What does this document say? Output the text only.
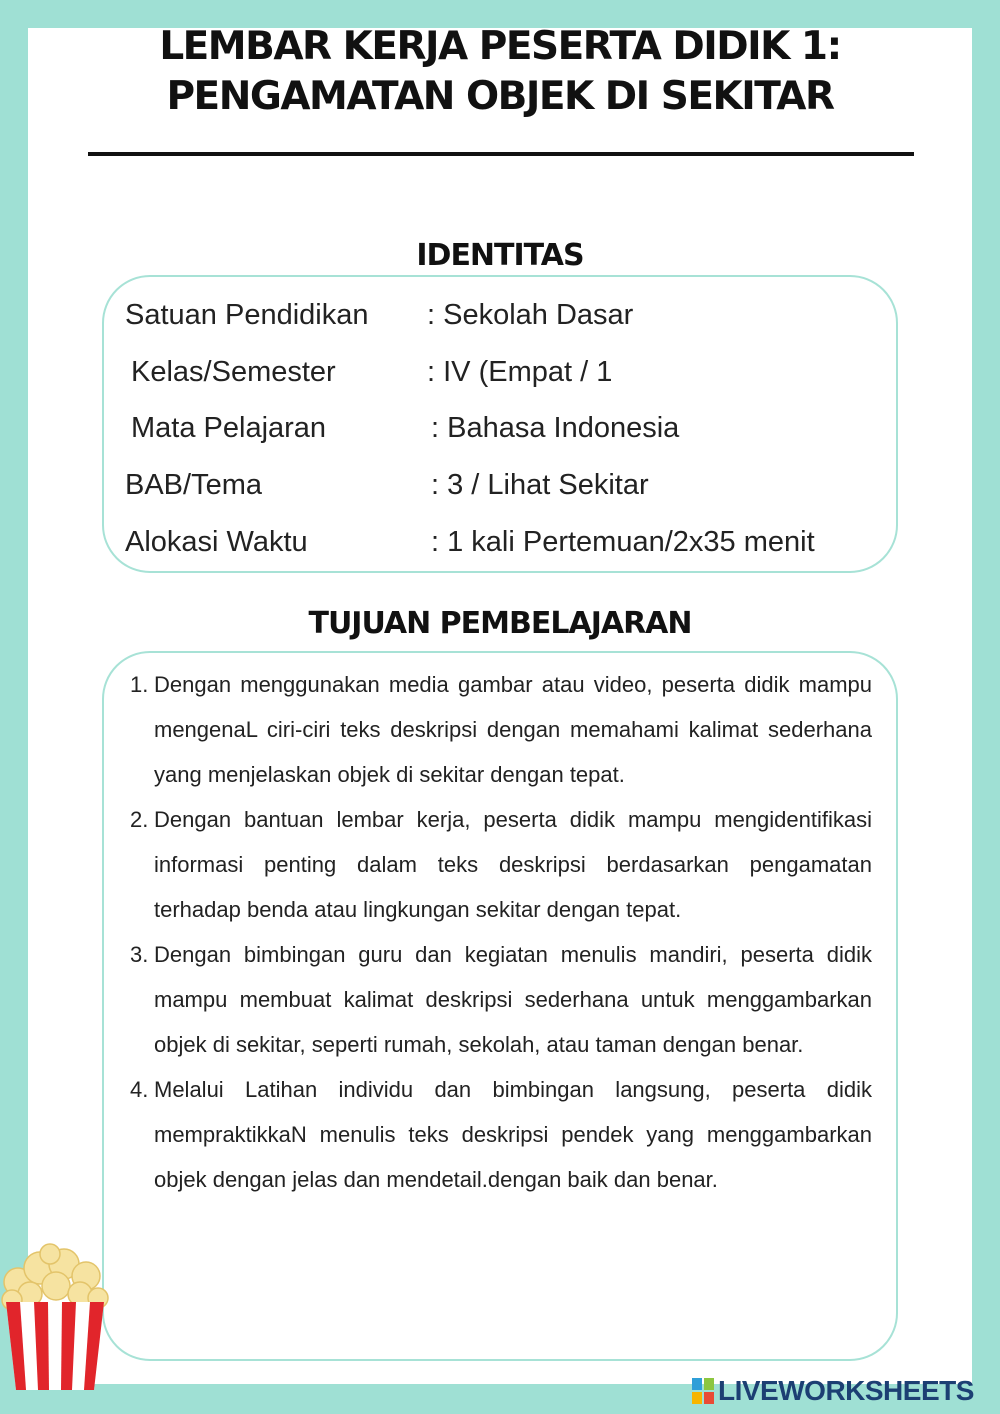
LEMBAR KERJA PESERTA DIDIK 1:
PENGAMATAN OBJEK DI SEKITAR
IDENTITAS
Satuan Pendidikan : Sekolah Dasar
Kelas/Semester	: IV (Empat / 1
Mata Pelajaran	: Bahasa Indonesia
BAB/Tema	: 3 / Lihat Sekitar
Alokasi Waktu	: 1 kali Pertemuan/2x35 menit
TUJUAN PEMBELAJARAN
1. Dengan menggunakan media gambar atau video, peserta didik mampu mengenaL ciri-ciri teks deskripsi dengan memahami kalimat sederhana yang menjelaskan objek di sekitar dengan tepat.
2. Dengan bantuan lembar kerja, peserta didik mampu mengidentifikasi informasi penting dalam teks deskripsi berdasarkan pengamatan terhadap benda atau lingkungan sekitar dengan tepat.
3. Dengan bimbingan guru dan kegiatan menulis mandiri, peserta didik mampu membuat kalimat deskripsi sederhana untuk menggambarkan objek di sekitar, seperti rumah, sekolah, atau taman dengan benar.
4. Melalui Latihan individu dan bimbingan langsung, peserta didik mempraktikkaN menulis teks deskripsi pendek yang menggambarkan objek dengan jelas dan mendetail.dengan baik dan benar.
LIVEWORKSHEETS
